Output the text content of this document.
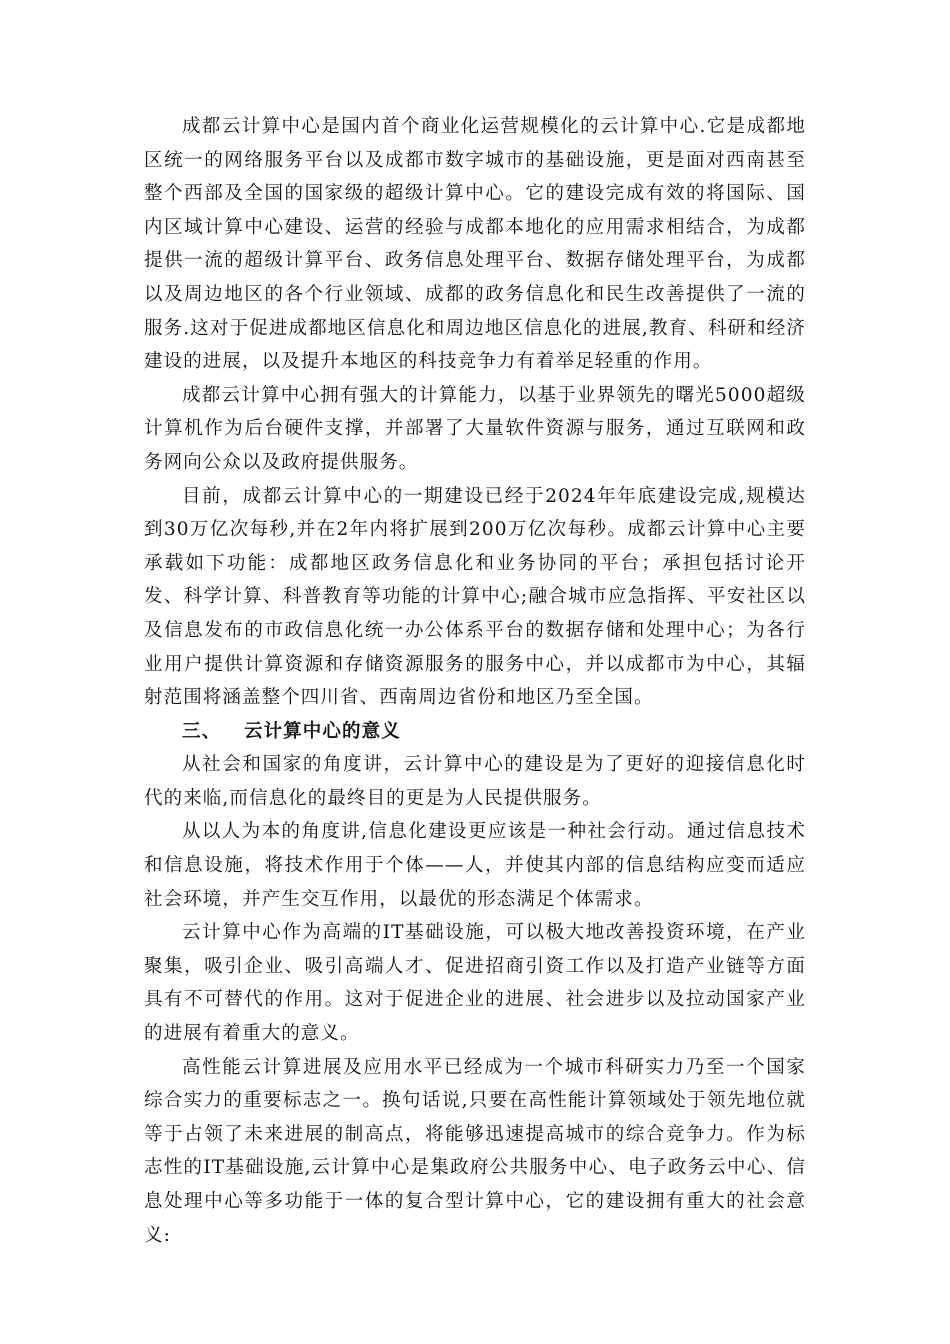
成都云计算中心是国内首个商业化运营规模化的云计算中心.它是成都地区统一的网络服务平台以及成都市数字城市的基础设施，更是面对西南甚至整个西部及全国的国家级的超级计算中心。它的建设完成有效的将国际、国内区域计算中心建设、运营的经验与成都本地化的应用需求相结合，为成都提供一流的超级计算平台、政务信息处理平台、数据存储处理平台，为成都以及周边地区的各个行业领域、成都的政务信息化和民生改善提供了一流的服务.这对于促进成都地区信息化和周边地区信息化的进展,教育、科研和经济建设的进展，以及提升本地区的科技竞争力有着举足轻重的作用。

成都云计算中心拥有强大的计算能力，以基于业界领先的曙光5000超级计算机作为后台硬件支撑，并部署了大量软件资源与服务，通过互联网和政务网向公众以及政府提供服务。

目前，成都云计算中心的一期建设已经于2024年年底建设完成,规模达到30万亿次每秒,并在2年内将扩展到200万亿次每秒。成都云计算中心主要承载如下功能：成都地区政务信息化和业务协同的平台；承担包括讨论开发、科学计算、科普教育等功能的计算中心;融合城市应急指挥、平安社区以及信息发布的市政信息化统一办公体系平台的数据存储和处理中心；为各行业用户提供计算资源和存储资源服务的服务中心，并以成都市为中心，其辐射范围将涵盖整个四川省、西南周边省份和地区乃至全国。

三、	云计算中心的意义

从社会和国家的角度讲，云计算中心的建设是为了更好的迎接信息化时代的来临,而信息化的最终目的更是为人民提供服务。

从以人为本的角度讲,信息化建设更应该是一种社会行动。通过信息技术和信息设施，将技术作用于个体——人，并使其内部的信息结构应变而适应社会环境，并产生交互作用，以最优的形态满足个体需求。

云计算中心作为高端的IT基础设施，可以极大地改善投资环境，在产业聚集，吸引企业、吸引高端人才、促进招商引资工作以及打造产业链等方面具有不可替代的作用。这对于促进企业的进展、社会进步以及拉动国家产业的进展有着重大的意义。

高性能云计算进展及应用水平已经成为一个城市科研实力乃至一个国家综合实力的重要标志之一。换句话说,只要在高性能计算领域处于领先地位就等于占领了未来进展的制高点，将能够迅速提高城市的综合竞争力。作为标志性的IT基础设施,云计算中心是集政府公共服务中心、电子政务云中心、信息处理中心等多功能于一体的复合型计算中心，它的建设拥有重大的社会意义:
